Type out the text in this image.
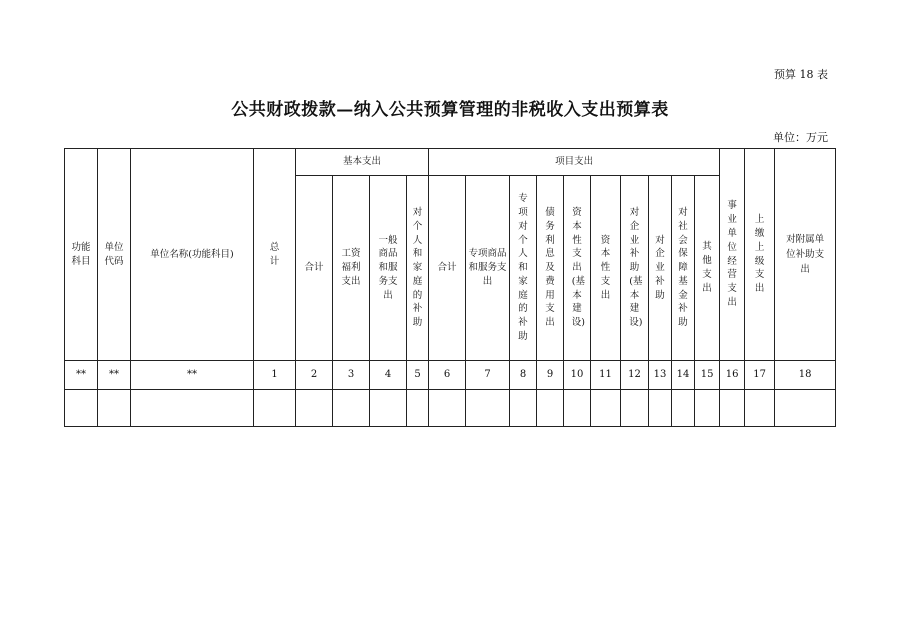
预算 18 表
公共财政拨款—纳入公共预算管理的非税收入支出预算表
单位：万元
功能科目	单位代码	单位名称(功能科目)	总计	基本支出				项目支出										事业单位经营支出	上缴上级支出	对附属单位补助支出
				合计	工资福利支出	一般商品和服务支出	对个人和家庭的补助	合计	专项商品和服务支出	专项对个人和家庭的补助	债务利息及费用支出	资本性支出(基本建设)	资本性支出	对企业补助(基本建设)	对企业补助	对社会保障基金补助	其他支出			
**	**	**	1	2	3	4	5	6	7	8	9	10	11	12	13	14	15	16	17	18
